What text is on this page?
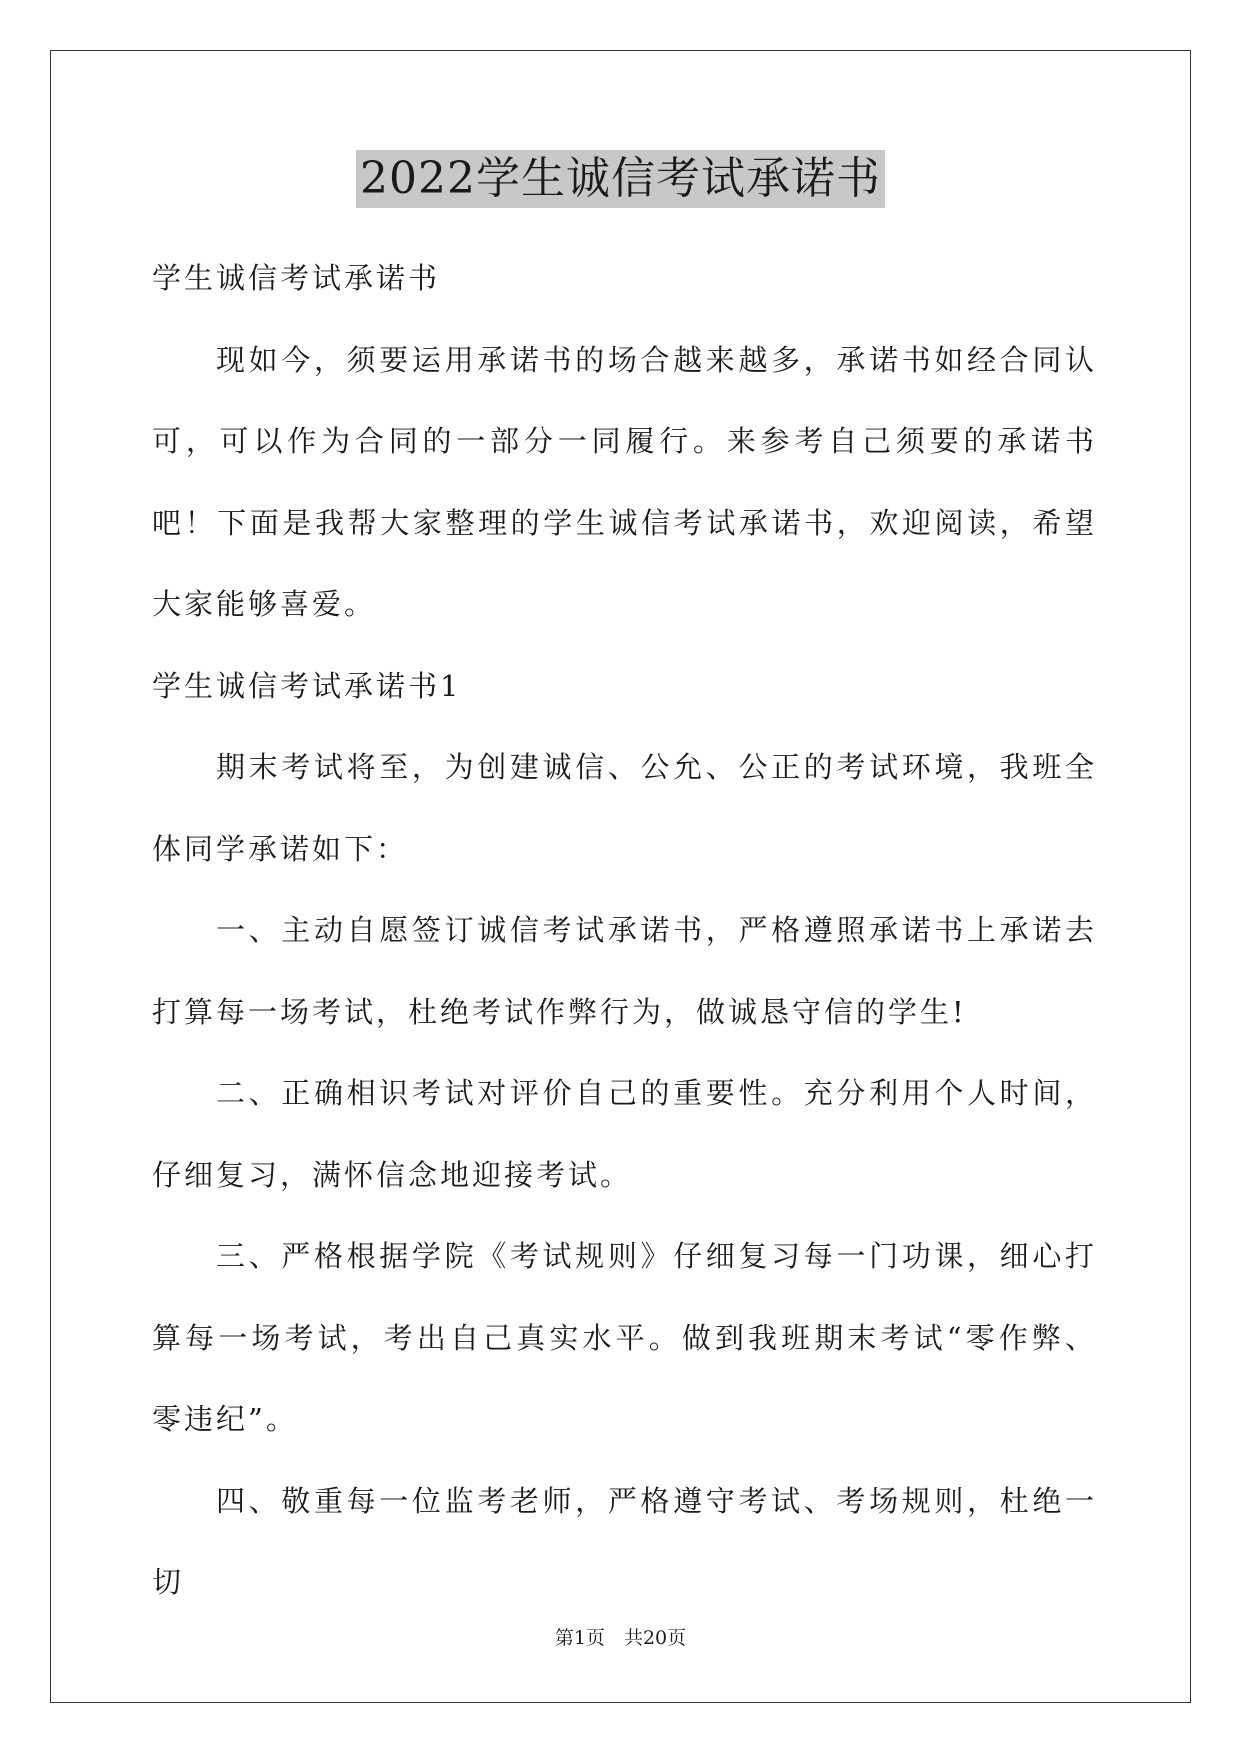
2022学生诚信考试承诺书

学生诚信考试承诺书

现如今，须要运用承诺书的场合越来越多，承诺书如经合同认可，可以作为合同的一部分一同履行。来参考自己须要的承诺书吧！下面是我帮大家整理的学生诚信考试承诺书，欢迎阅读，希望大家能够喜爱。

学生诚信考试承诺书1

期末考试将至，为创建诚信、公允、公正的考试环境，我班全体同学承诺如下：

一、主动自愿签订诚信考试承诺书，严格遵照承诺书上承诺去打算每一场考试，杜绝考试作弊行为，做诚恳守信的学生!

二、正确相识考试对评价自己的重要性。充分利用个人时间，仔细复习，满怀信念地迎接考试。

三、严格根据学院《考试规则》仔细复习每一门功课，细心打算每一场考试，考出自己真实水平。做到我班期末考试“零作弊、零违纪”。

四、敬重每一位监考老师，严格遵守考试、考场规则，杜绝一切

第1页　共20页
